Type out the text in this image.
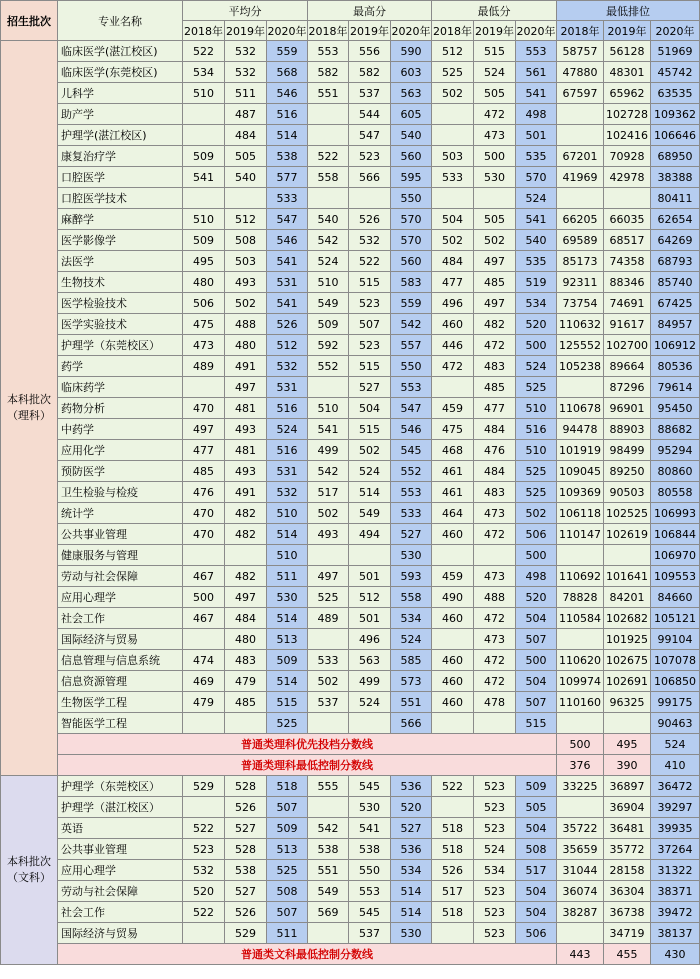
招生批次	专业名称	平均分			最高分			最低分			最低排位		
		2018年	2019年	2020年	2018年	2019年	2020年	2018年	2019年	2020年	2018年	2019年	2020年
本科批次（理科）	临床医学(湛江校区)	522	532	559	553	556	590	512	515	553	58757	56128	51969
	临床医学(东莞校区)	534	532	568	582	582	603	525	524	561	47880	48301	45742
	儿科学	510	511	546	551	537	563	502	505	541	67597	65962	63535
	助产学		487	516		544	605		472	498		102728	109362
	护理学(湛江校区)		484	514		547	540		473	501		102416	106646
	康复治疗学	509	505	538	522	523	560	503	500	535	67201	70928	68950
	口腔医学	541	540	577	558	566	595	533	530	570	41969	42978	38388
	口腔医学技术			533			550			524			80411
	麻醉学	510	512	547	540	526	570	504	505	541	66205	66035	62654
	医学影像学	509	508	546	542	532	570	502	502	540	69589	68517	64269
	法医学	495	503	541	524	522	560	484	497	535	85173	74358	68793
	生物技术	480	493	531	510	515	583	477	485	519	92311	88346	85740
	医学检验技术	506	502	541	549	523	559	496	497	534	73754	74691	67425
	医学实验技术	475	488	526	509	507	542	460	482	520	110632	91617	84957
	护理学（东莞校区）	473	480	512	592	523	557	446	472	500	125552	102700	106912
	药学	489	491	532	552	515	550	472	483	524	105238	89664	80536
	临床药学		497	531		527	553		485	525		87296	79614
	药物分析	470	481	516	510	504	547	459	477	510	110678	96901	95450
	中药学	497	493	524	541	515	546	475	484	516	94478	88903	88682
	应用化学	477	481	516	499	502	545	468	476	510	101919	98499	95294
	预防医学	485	493	531	542	524	552	461	484	525	109045	89250	80860
	卫生检验与检疫	476	491	532	517	514	553	461	483	525	109369	90503	80558
	统计学	470	482	510	502	549	533	464	473	502	106118	102525	106993
	公共事业管理	470	482	514	493	494	527	460	472	506	110147	102619	106844
	健康服务与管理			510			530			500			106970
	劳动与社会保障	467	482	511	497	501	593	459	473	498	110692	101641	109553
	应用心理学	500	497	530	525	512	558	490	488	520	78828	84201	84660
	社会工作	467	484	514	489	501	534	460	472	504	110584	102682	105121
	国际经济与贸易		480	513		496	524		473	507		101925	99104
	信息管理与信息系统	474	483	509	533	563	585	460	472	500	110620	102675	107078
	信息资源管理	469	479	514	502	499	573	460	472	504	109974	102691	106850
	生物医学工程	479	485	515	537	524	551	460	478	507	110160	96325	99175
	智能医学工程			525			566			515			90463
	普通类理科优先投档分数线										500	495	524
	普通类理科最低控制分数线										376	390	410
本科批次（文科）	护理学（东莞校区）	529	528	518	555	545	536	522	523	509	33225	36897	36472
	护理学（湛江校区）		526	507		530	520		523	505		36904	39297
	英语	522	527	509	542	541	527	518	523	504	35722	36481	39935
	公共事业管理	523	528	513	538	538	536	518	524	508	35659	35772	37264
	应用心理学	532	538	525	551	550	534	526	534	517	31044	28158	31322
	劳动与社会保障	520	527	508	549	553	514	517	523	504	36074	36304	38371
	社会工作	522	526	507	569	545	514	518	523	504	38287	36738	39472
	国际经济与贸易		529	511		537	530		523	506		34719	38137
	普通类文科最低控制分数线										443	455	430
